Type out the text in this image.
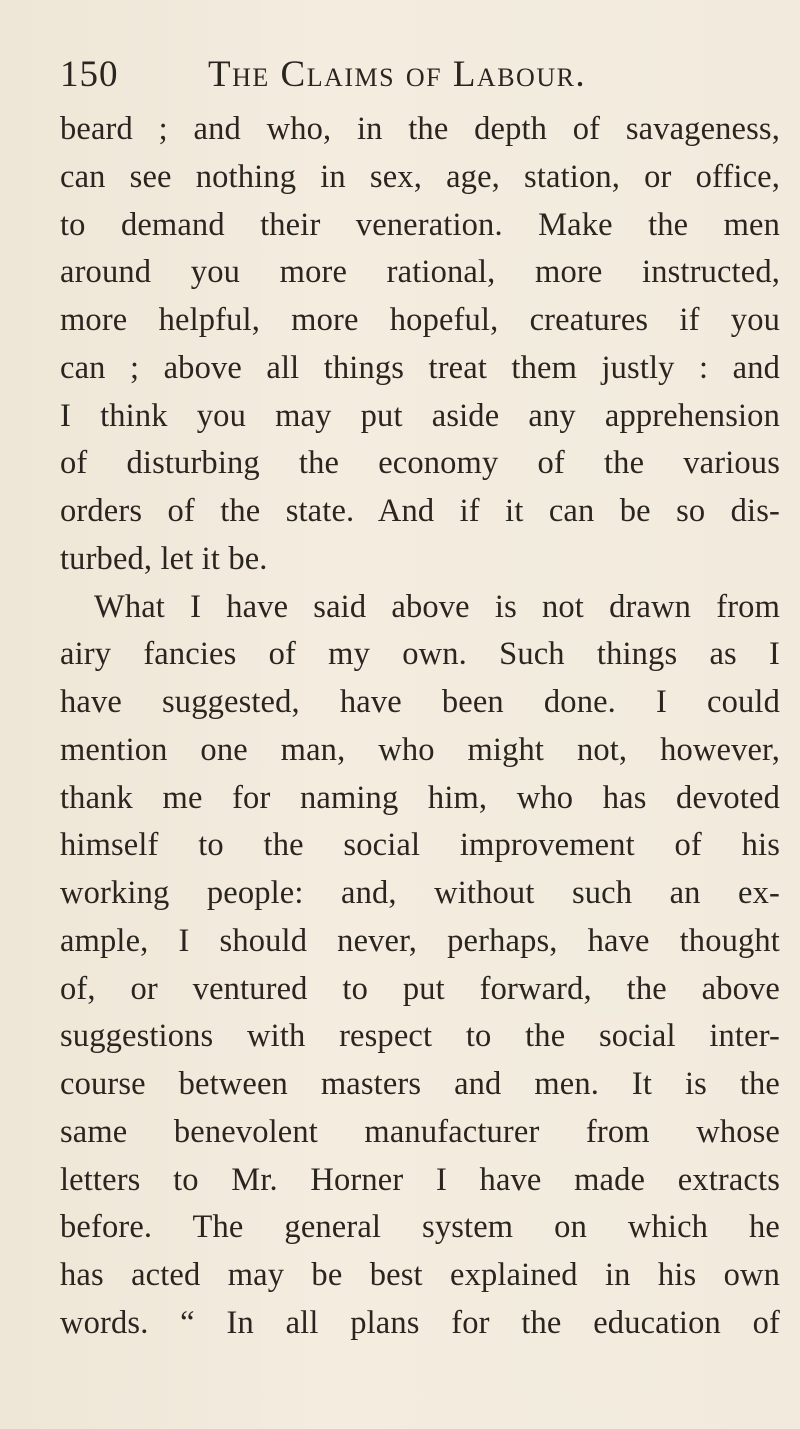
150 The Claims of Labour.
beard ; and who, in the depth of savageness,
can see nothing in sex, age, station, or office,
to demand their veneration. Make the men
around you more rational, more instructed,
more helpful, more hopeful, creatures if you
can ; above all things treat them justly : and
I think you may put aside any apprehension
of disturbing the economy of the various
orders of the state. And if it can be so dis-
turbed, let it be.
What I have said above is not drawn from
airy fancies of my own. Such things as I
have suggested, have been done. I could
mention one man, who might not, however,
thank me for naming him, who has devoted
himself to the social improvement of his
working people: and, without such an ex-
ample, I should never, perhaps, have thought
of, or ventured to put forward, the above
suggestions with respect to the social inter-
course between masters and men. It is the
same benevolent manufacturer from whose
letters to Mr. Horner I have made extracts
before. The general system on which he
has acted may be best explained in his own
words. “ In all plans for the education of
